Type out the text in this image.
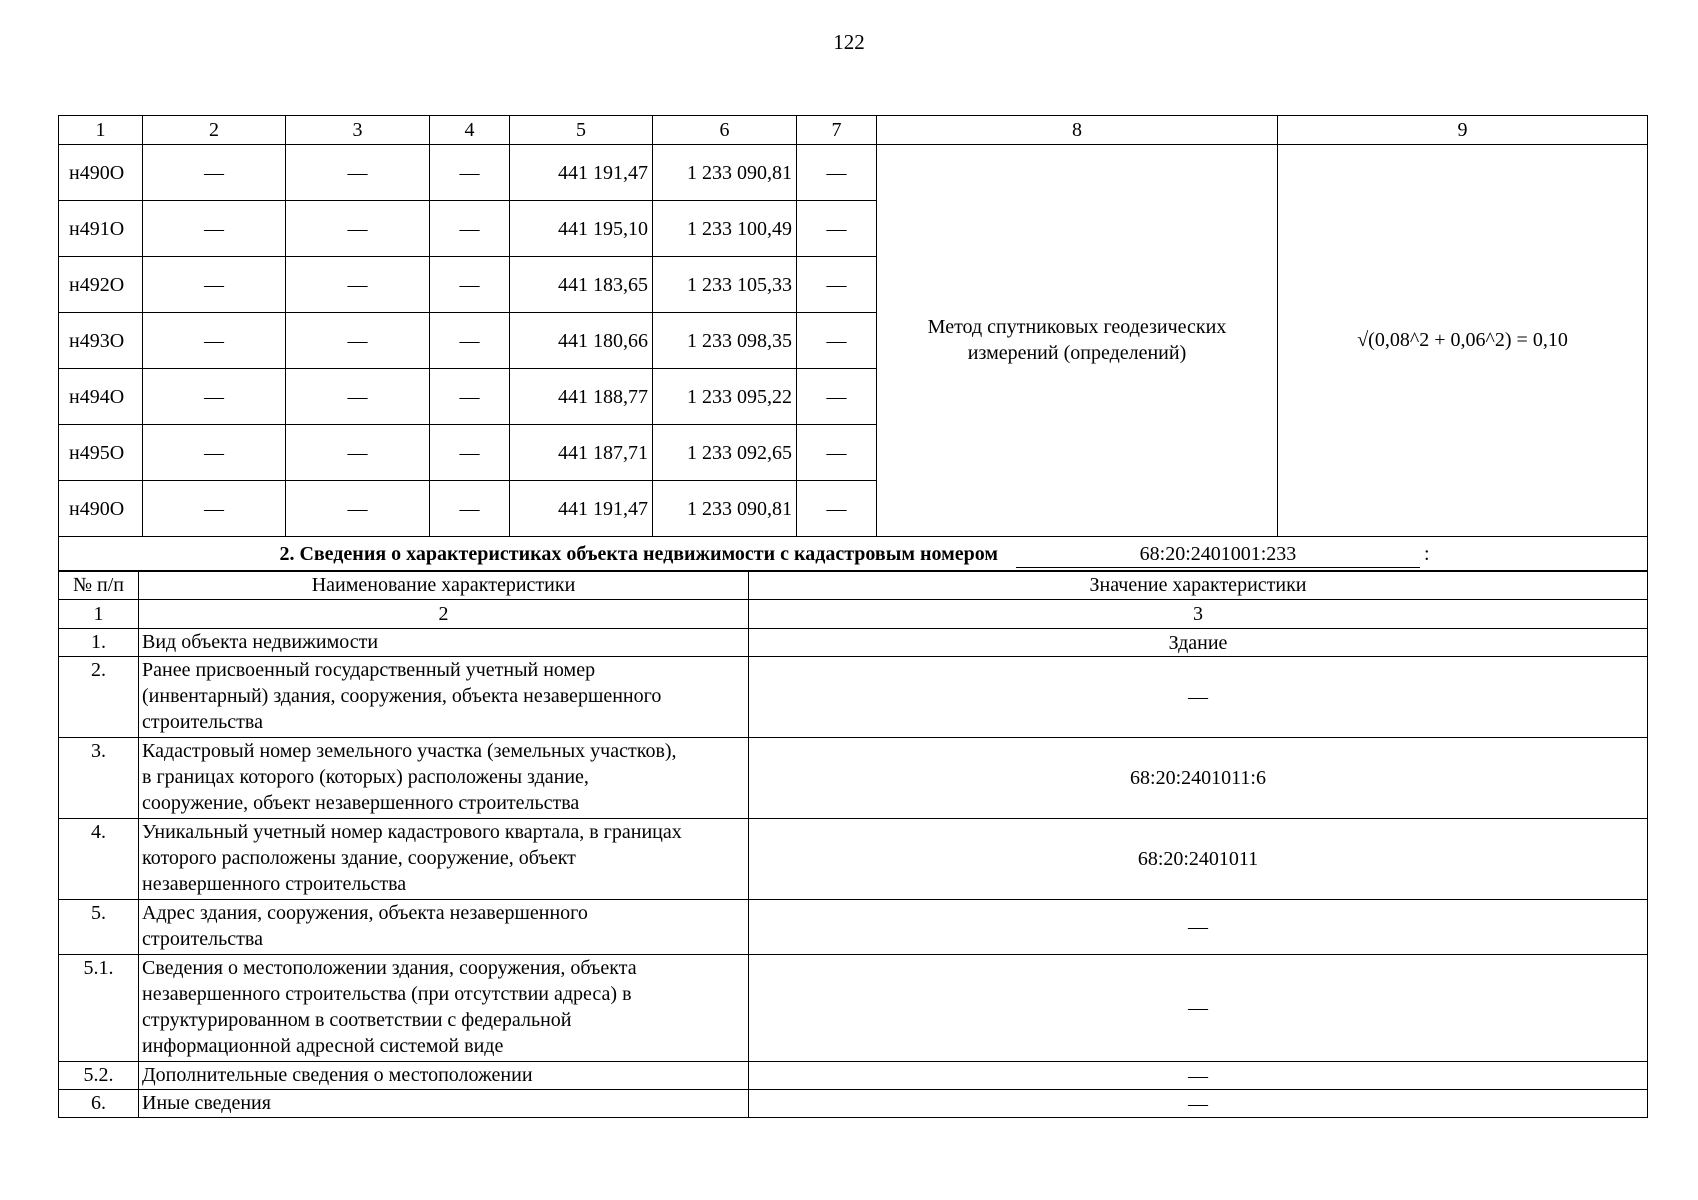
122
1	2	3	4	5	6	7	8	9
н490О	—	—	—	441 191,47	1 233 090,81	—	Метод спутниковых геодезических
измерений (определений)	√(0,08^2 + 0,06^2) = 0,10
н491О	—	—	—	441 195,10	1 233 100,49	—		
н492О	—	—	—	441 183,65	1 233 105,33	—		
н493О	—	—	—	441 180,66	1 233 098,35	—		
н494О	—	—	—	441 188,77	1 233 095,22	—		
н495О	—	—	—	441 187,71	1 233 092,65	—		
н490О	—	—	—	441 191,47	1 233 090,81	—		
2. Сведения о характеристиках объекта недвижимости с кадастровым номером 68:20:2401001:233 :								
№ п/п	Наименование характеристики	Значение характеристики
1	2	3
1.	Вид объекта недвижимости	Здание
2.	Ранее присвоенный государственный учетный номер
(инвентарный) здания, сооружения, объекта незавершенного
строительства	—
3.	Кадастровый номер земельного участка (земельных участков),
в границах которого (которых) расположены здание,
сооружение, объект незавершенного строительства	68:20:2401011:6
4.	Уникальный учетный номер кадастрового квартала, в границах
которого расположены здание, сооружение, объект
незавершенного строительства	68:20:2401011
5.	Адрес здания, сооружения, объекта незавершенного
строительства	—
5.1.	Сведения о местоположении здания, сооружения, объекта
незавершенного строительства (при отсутствии адреса) в
структурированном в соответствии с федеральной
информационной адресной системой виде	—
5.2.	Дополнительные сведения о местоположении	—
6.	Иные сведения	—
